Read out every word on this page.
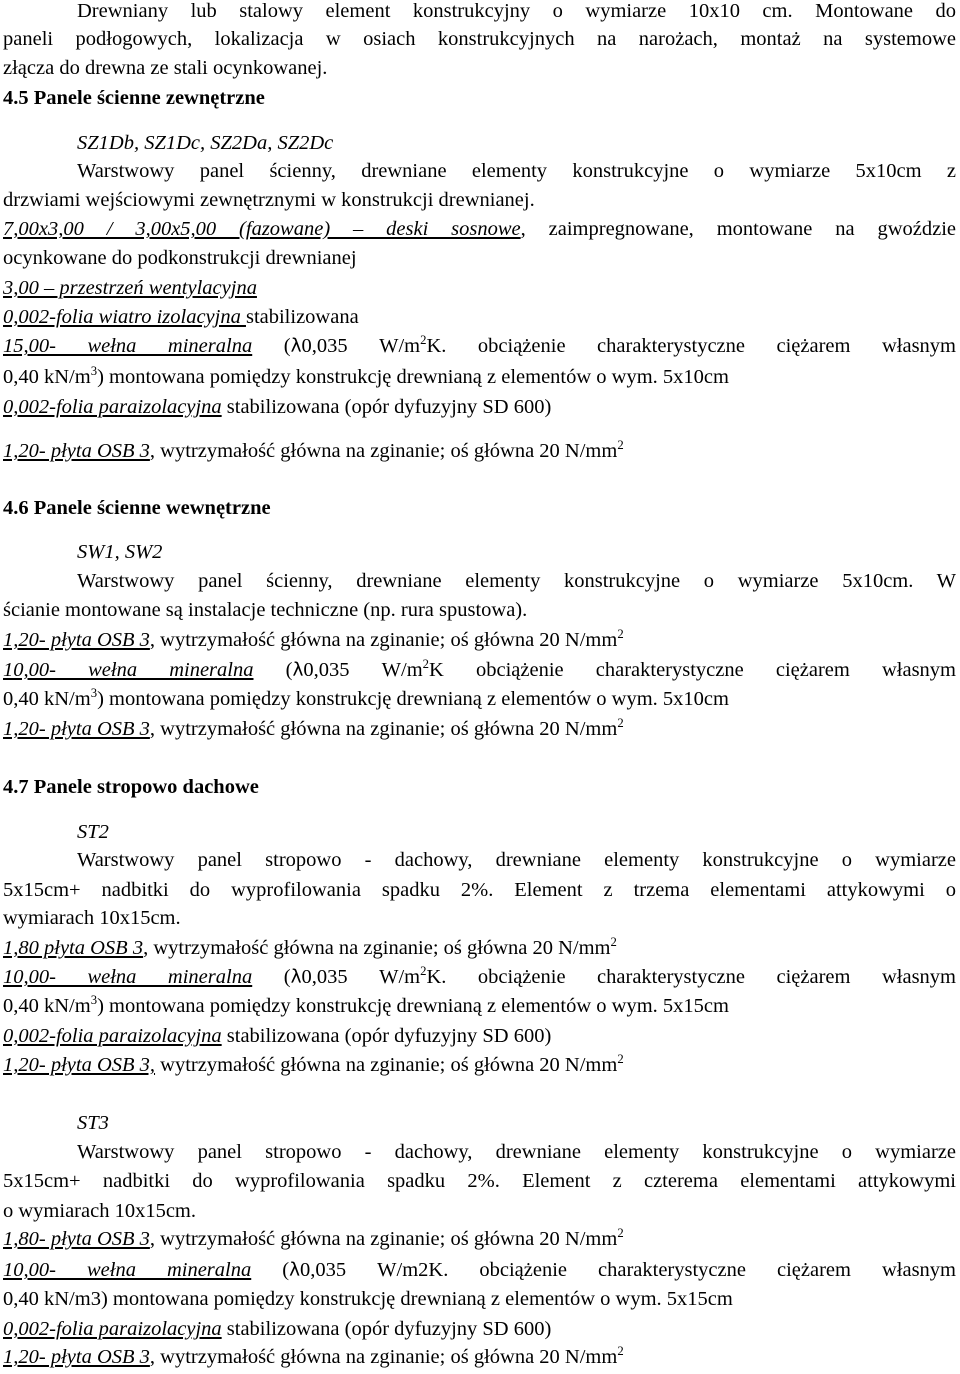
Drewniany lub stalowy element konstrukcyjny o wymiarze 10x10 cm. Montowane do
paneli podłogowych, lokalizacja w osiach konstrukcyjnych na narożach, montaż na systemowe
złącza do drewna ze stali ocynkowanej.
4.5 Panele ścienne zewnętrzne
SZ1Db, SZ1Dc, SZ2Da, SZ2Dc
Warstwowy panel ścienny, drewniane elementy konstrukcyjne o wymiarze 5x10cm z
drzwiami wejściowymi zewnętrznymi w konstrukcji drewnianej.
7,00x3,00 / 3,00x5,00 (fazowane) – deski sosnowe, zaimpregnowane, montowane na gwoździe
ocynkowane do podkonstrukcji drewnianej
3,00 – przestrzeń wentylacyjna
0,002-folia wiatro izolacyjna stabilizowana
15,00- wełna mineralna (λ0,035 $W/m^2K$. obciążenie charakterystyczne ciężarem własnym
0,40 $kN/m^3$) montowana pomiędzy konstrukcję drewnianą z elementów o wym. 5x10cm
0,002-folia paraizolacyjna stabilizowana (opór dyfuzyjny SD 600)
1,20- płyta OSB 3, wytrzymałość główna na zginanie; oś główna 20 $N/mm^2$
4.6 Panele ścienne wewnętrzne
SW1, SW2
Warstwowy panel ścienny, drewniane elementy konstrukcyjne o wymiarze 5x10cm. W
ścianie montowane są instalacje techniczne (np. rura spustowa).
1,20- płyta OSB 3, wytrzymałość główna na zginanie; oś główna 20 $N/mm^2$
10,00- wełna mineralna (λ0,035 $W/m^2K$ obciążenie charakterystyczne ciężarem własnym
0,40 $kN/m^3$) montowana pomiędzy konstrukcję drewnianą z elementów o wym. 5x10cm
1,20- płyta OSB 3, wytrzymałość główna na zginanie; oś główna 20 $N/mm^2$
4.7 Panele stropowo dachowe
ST2
Warstwowy panel stropowo - dachowy, drewniane elementy konstrukcyjne o wymiarze
5x15cm+ nadbitki do wyprofilowania spadku 2%. Element z trzema elementami attykowymi o
wymiarach 10x15cm.
1,80 płyta OSB 3, wytrzymałość główna na zginanie; oś główna 20 $N/mm^2$
10,00- wełna mineralna (λ0,035 $W/m^2K$. obciążenie charakterystyczne ciężarem własnym
0,40 $kN/m^3$) montowana pomiędzy konstrukcję drewnianą z elementów o wym. 5x15cm
0,002-folia paraizolacyjna stabilizowana (opór dyfuzyjny SD 600)
1,20- płyta OSB 3, wytrzymałość główna na zginanie; oś główna 20 $N/mm^2$
ST3
Warstwowy panel stropowo - dachowy, drewniane elementy konstrukcyjne o wymiarze
5x15cm+ nadbitki do wyprofilowania spadku 2%. Element z czterema elementami attykowymi
o wymiarach 10x15cm.
1,80- płyta OSB 3, wytrzymałość główna na zginanie; oś główna 20 $N/mm^2$
10,00- wełna mineralna (λ0,035 W/m2K. obciążenie charakterystyczne ciężarem własnym
0,40 kN/m3) montowana pomiędzy konstrukcję drewnianą z elementów o wym. 5x15cm
0,002-folia paraizolacyjna stabilizowana (opór dyfuzyjny SD 600)
1,20- płyta OSB 3, wytrzymałość główna na zginanie; oś główna 20 $N/mm^2$
